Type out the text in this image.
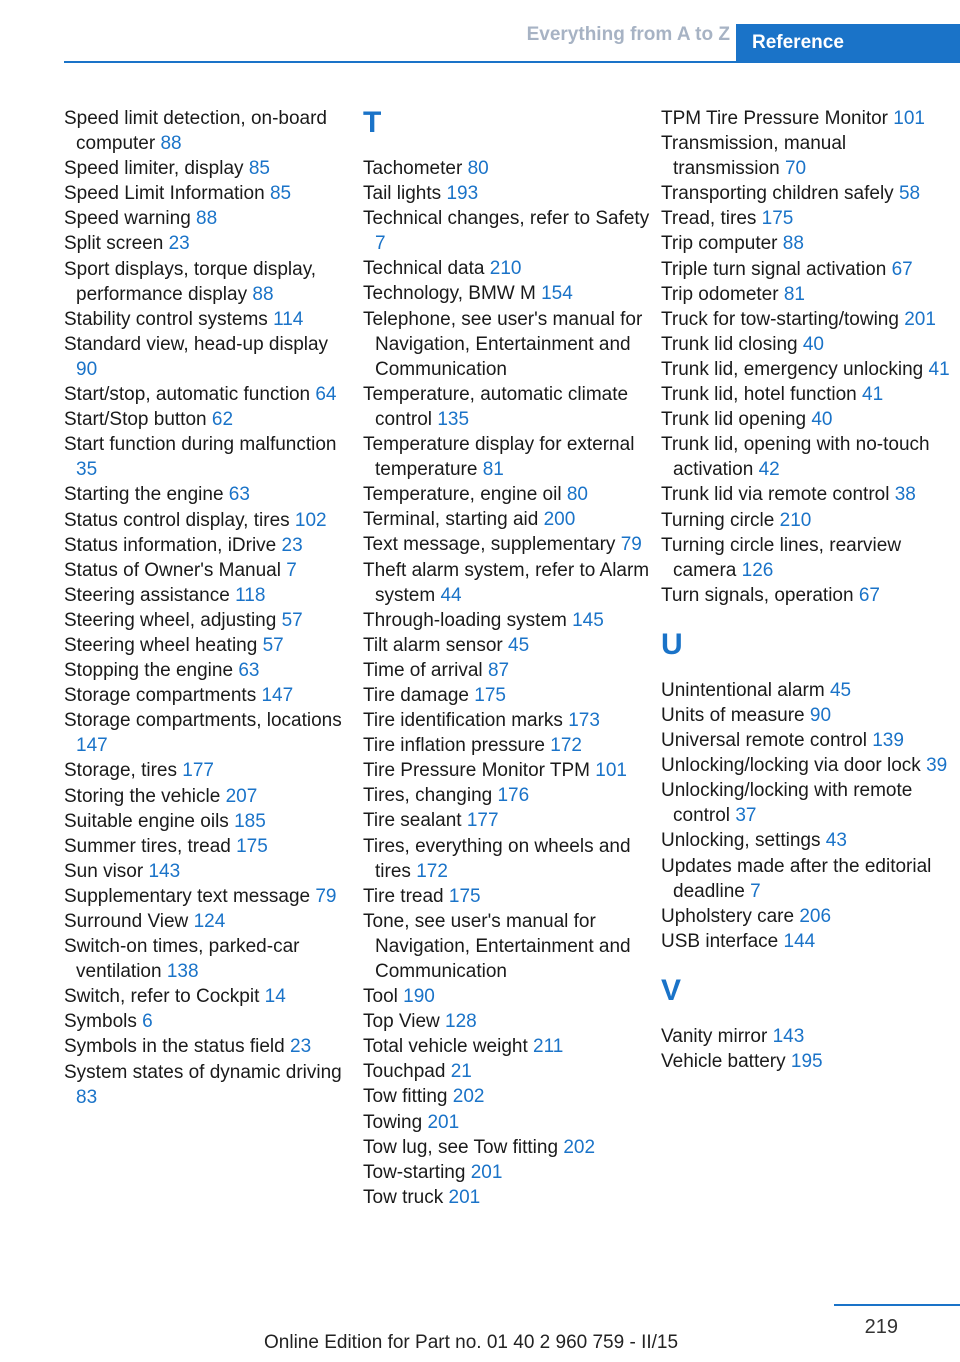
Everything from A to Z	Reference
Speed limit detection, on-board computer 88
Speed limiter, display 85
Speed Limit Information 85
Speed warning 88
Split screen 23
Sport displays, torque display, performance display 88
Stability control systems 114
Standard view, head-up display 90
Start/stop, automatic function 64
Start/Stop button 62
Start function during malfunction 35
Starting the engine 63
Status control display, tires 102
Status information, iDrive 23
Status of Owner's Manual 7
Steering assistance 118
Steering wheel, adjusting 57
Steering wheel heating 57
Stopping the engine 63
Storage compartments 147
Storage compartments, locations 147
Storage, tires 177
Storing the vehicle 207
Suitable engine oils 185
Summer tires, tread 175
Sun visor 143
Supplementary text message 79
Surround View 124
Switch-on times, parked-car ventilation 138
Switch, refer to Cockpit 14
Symbols 6
Symbols in the status field 23
System states of dynamic driving 83
T
Tachometer 80
Tail lights 193
Technical changes, refer to Safety 7
Technical data 210
Technology, BMW M 154
Telephone, see user's manual for Navigation, Entertainment and Communication
Temperature, automatic climate control 135
Temperature display for external temperature 81
Temperature, engine oil 80
Terminal, starting aid 200
Text message, supplementary 79
Theft alarm system, refer to Alarm system 44
Through-loading system 145
Tilt alarm sensor 45
Time of arrival 87
Tire damage 175
Tire identification marks 173
Tire inflation pressure 172
Tire Pressure Monitor TPM 101
Tires, changing 176
Tire sealant 177
Tires, everything on wheels and tires 172
Tire tread 175
Tone, see user's manual for Navigation, Entertainment and Communication
Tool 190
Top View 128
Total vehicle weight 211
Touchpad 21
Tow fitting 202
Towing 201
Tow lug, see Tow fitting 202
Tow-starting 201
Tow truck 201
TPM Tire Pressure Monitor 101
Transmission, manual transmission 70
Transporting children safely 58
Tread, tires 175
Trip computer 88
Triple turn signal activation 67
Trip odometer 81
Truck for tow-starting/towing 201
Trunk lid closing 40
Trunk lid, emergency unlocking 41
Trunk lid, hotel function 41
Trunk lid opening 40
Trunk lid, opening with no-touch activation 42
Trunk lid via remote control 38
Turning circle 210
Turning circle lines, rearview camera 126
Turn signals, operation 67
U
Unintentional alarm 45
Units of measure 90
Universal remote control 139
Unlocking/locking via door lock 39
Unlocking/locking with remote control 37
Unlocking, settings 43
Updates made after the editorial deadline 7
Upholstery care 206
USB interface 144
V
Vanity mirror 143
Vehicle battery 195
219
Online Edition for Part no. 01 40 2 960 759 - II/15
